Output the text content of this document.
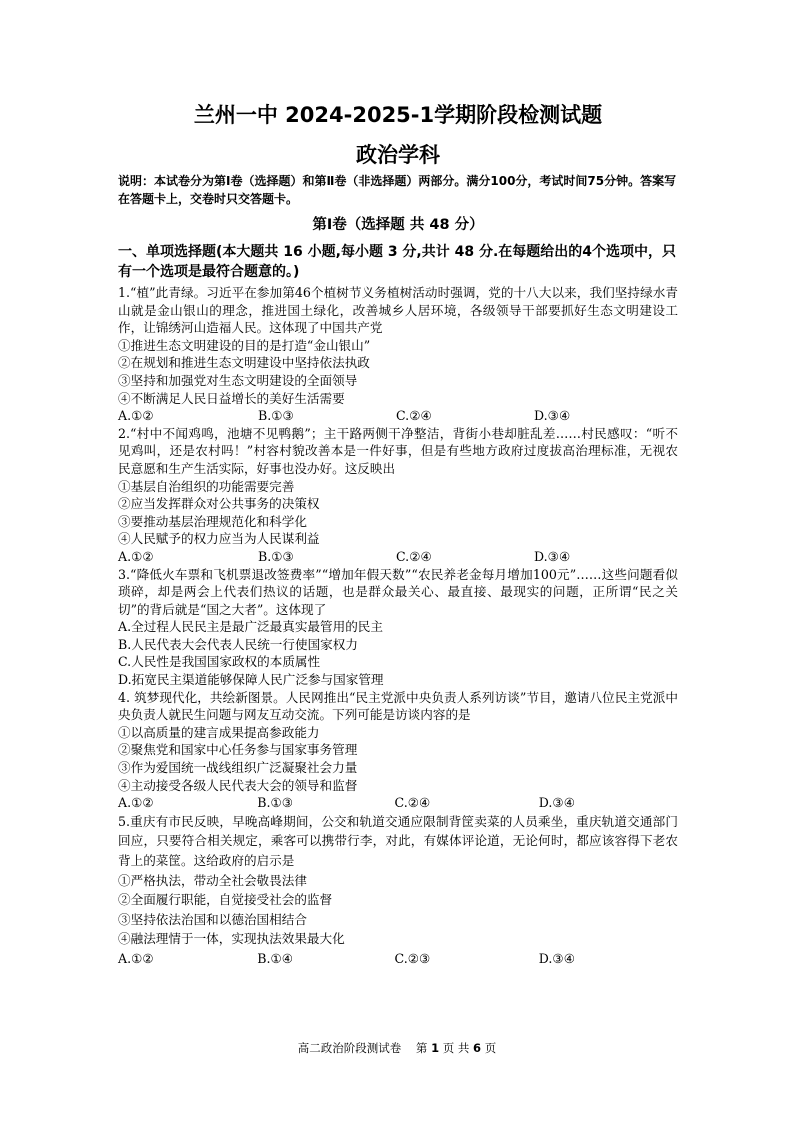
兰州一中 2024-2025-1学期阶段检测试题
政治学科

说明：本试卷分为第Ⅰ卷（选择题）和第Ⅱ卷（非选择题）两部分。满分100分，考试时间75分钟。答案写在答题卡上，交卷时只交答题卡。

第Ⅰ卷（选择题 共 48 分）

一、单项选择题(本大题共 16 小题,每小题 3 分,共计 48 分.在每题给出的4个选项中，只有一个选项是最符合题意的。)

1.“植”此青绿。习近平在参加第46个植树节义务植树活动时强调，党的十八大以来，我们坚持绿水青山就是金山银山的理念，推进国土绿化，改善城乡人居环境，各级领导干部要抓好生态文明建设工作，让锦绣河山造福人民。这体现了中国共产党

①推进生态文明建设的目的是打造“金山银山”

②在规划和推进生态文明建设中坚持依法执政

③坚持和加强党对生态文明建设的全面领导

④不断满足人民日益增长的美好生活需要

A.①②	B.①③	C.②④	D.③④

2.“村中不闻鸡鸣，池塘不见鸭鹅”；主干路两侧干净整洁，背街小巷却脏乱差……村民感叹：“听不见鸡叫，还是农村吗！”村容村貌改善本是一件好事，但是有些地方政府过度拔高治理标准，无视农民意愿和生产生活实际，好事也没办好。这反映出

①基层自治组织的功能需要完善

②应当发挥群众对公共事务的决策权

③要推动基层治理规范化和科学化

④人民赋予的权力应当为人民谋利益

A.①②	B.①③	C.②④	D.③④

3.“降低火车票和飞机票退改签费率”“增加年假天数”“农民养老金每月增加100元”……这些问题看似琐碎，却是两会上代表们热议的话题，也是群众最关心、最直接、最现实的问题，正所谓“民之关切”的背后就是“国之大者”。这体现了

A.全过程人民民主是最广泛最真实最管用的民主

B.人民代表大会代表人民统一行使国家权力

C.人民性是我国国家政权的本质属性

D.拓宽民主渠道能够保障人民广泛参与国家管理

4. 筑梦现代化，共绘新图景。人民网推出“民主党派中央负责人系列访谈”节目，邀请八位民主党派中央负责人就民生问题与网友互动交流。下列可能是访谈内容的是

①以高质量的建言成果提高参政能力

②聚焦党和国家中心任务参与国家事务管理

③作为爱国统一战线组织广泛凝聚社会力量

④主动接受各级人民代表大会的领导和监督

A.①②	B.①③	C.②④	D.③④

5.重庆有市民反映，早晚高峰期间，公交和轨道交通应限制背筐卖菜的人员乘坐，重庆轨道交通部门回应，只要符合相关规定，乘客可以携带行李，对此，有媒体评论道，无论何时，都应该容得下老农背上的菜筐。这给政府的启示是

①严格执法，带动全社会敬畏法律

②全面履行职能，自觉接受社会的监督

③坚持依法治国和以德治国相结合

④融法理情于一体，实现执法效果最大化

A.①②	B.①④	C.②③	D.③④
高二政治阶段测试卷 第 1 页 共 6 页
